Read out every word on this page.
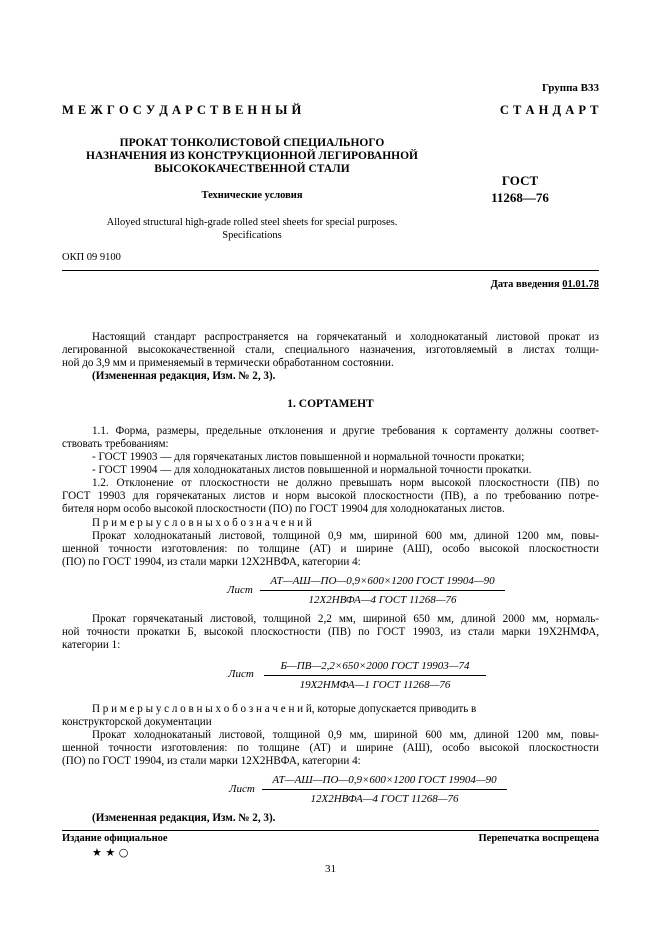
Группа В33
М Е Ж Г О С У Д А Р С Т В Е Н Н Ы Й	С Т А Н Д А Р Т
ПРОКАТ ТОНКОЛИСТОВОЙ СПЕЦИАЛЬНОГО
НАЗНАЧЕНИЯ ИЗ КОНСТРУКЦИОННОЙ ЛЕГИРОВАННОЙ
ВЫСОКОКАЧЕСТВЕННОЙ СТАЛИ
Технические условия
Alloyed structural high-grade rolled steel sheets for special purposes.
Specifications
ГОСТ
11268—76
ОКП 09 9100
Дата введения 01.01.78
Настоящий стандарт распространяется на горячекатаный и холоднокатаный листовой прокат из
легированной высококачественной стали, специального назначения, изготовляемый в листах толщи-
ной до 3,9 мм и применяемый в термически обработанном состоянии.
(Измененная редакция, Изм. № 2, 3).
1. СОРТАМЕНТ
1.1. Форма, размеры, предельные отклонения и другие требования к сортаменту должны соответ-
ствовать требованиям:
- ГОСТ 19903 — для горячекатаных листов повышенной и нормальной точности прокатки;
- ГОСТ 19904 — для холоднокатаных листов повышенной и нормальной точности прокатки.
1.2. Отклонение от плоскостности не должно превышать норм высокой плоскостности (ПВ) по
ГОСТ 19903 для горячекатаных листов и норм высокой плоскостности (ПВ), а по требованию потре-
бителя норм особо высокой плоскостности (ПО) по ГОСТ 19904 для холоднокатаных листов.
П р и м е р ы у с л о в н ы х о б о з н а ч е н и й
Прокат холоднокатаный листовой, толщиной 0,9 мм, шириной 600 мм, длиной 1200 мм, повы-
шенной точности изготовления: по толщине (АТ) и ширине (АШ), особо высокой плоскостности
(ПО) по ГОСТ 19904, из стали марки 12Х2НВФА, категории 4:
Лист
АТ—АШ—ПО—0,9×600×1200 ГОСТ 19904—90
12Х2НВФА—4 ГОСТ 11268—76
Прокат горячекатаный листовой, толщиной 2,2 мм, шириной 650 мм, длиной 2000 мм, нормаль-
ной точности прокатки Б, высокой плоскостности (ПВ) по ГОСТ 19903, из стали марки 19Х2НМФА,
категории 1:
Лист
Б—ПВ—2,2×650×2000 ГОСТ 19903—74
19Х2НМФА—1 ГОСТ 11268—76
П р и м е р ы у с л о в н ы х о б о з н а ч е н и й, которые допускается приводить в
конструкторской документации
Прокат холоднокатаный листовой, толщиной 0,9 мм, шириной 600 мм, длиной 1200 мм, повы-
шенной точности изготовления: по толщине (АТ) и ширине (АШ), особо высокой плоскостности
(ПО) по ГОСТ 19904, из стали марки 12Х2НВФА, категории 4:
Лист
АТ—АШ—ПО—0,9×600×1200 ГОСТ 19904—90
12Х2НВФА—4 ГОСТ 11268—76
(Измененная редакция, Изм. № 2, 3).
Издание официальное	Перепечатка воспрещена
★ ★ ○
31
